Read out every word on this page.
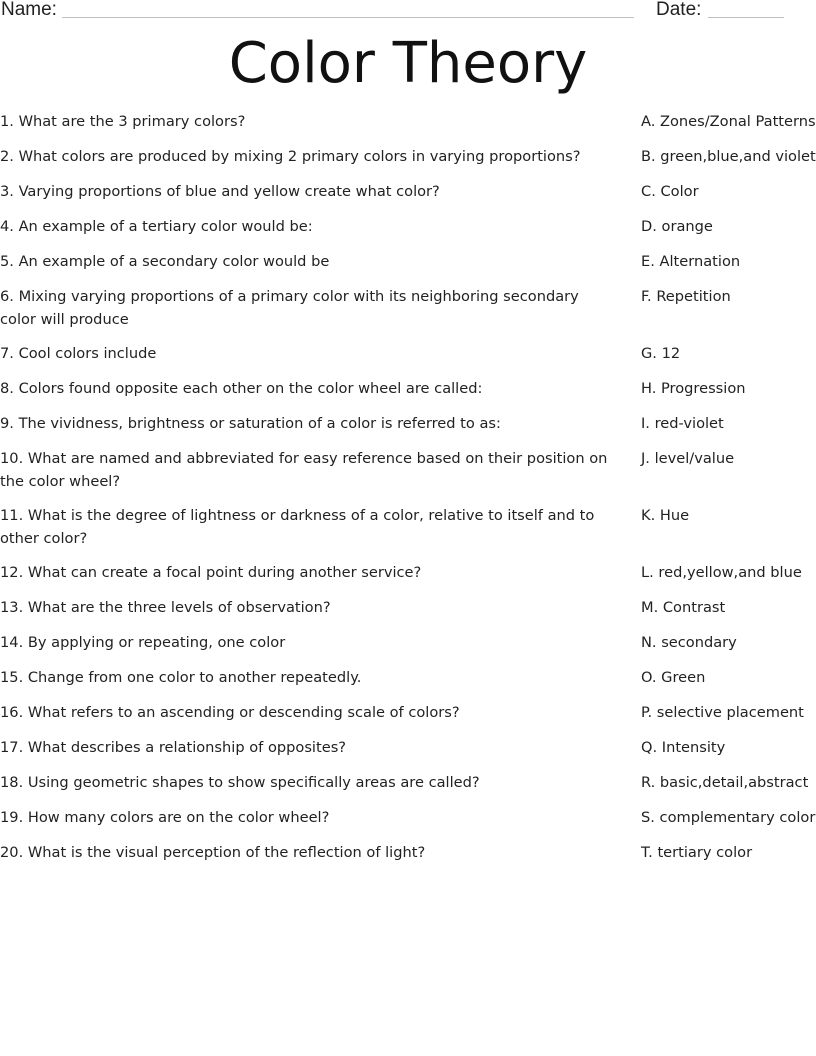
Name:	Date:
Color Theory
1. What are the 3 primary colors?
2. What colors are produced by mixing 2 primary colors in varying proportions?
3. Varying proportions of blue and yellow create what color?
4. An example of a tertiary color would be:
5. An example of a secondary color would be
6. Mixing varying proportions of a primary color with its neighboring secondary color will produce
7. Cool colors include
8. Colors found opposite each other on the color wheel are called:
9. The vividness, brightness or saturation of a color is referred to as:
10. What are named and abbreviated for easy reference based on their position on the color wheel?
11. What is the degree of lightness or darkness of a color, relative to itself and to other color?
12. What can create a focal point during another service?
13. What are the three levels of observation?
14. By applying or repeating, one color
15. Change from one color to another repeatedly.
16. What refers to an ascending or descending scale of colors?
17. What describes a relationship of opposites?
18. Using geometric shapes to show specifically areas are called?
19. How many colors are on the color wheel?
20. What is the visual perception of the reflection of light?
A. Zones/Zonal Patterns
B. green,blue,and violet
C. Color
D. orange
E. Alternation
F. Repetition
G. 12
H. Progression
I. red-violet
J. level/value
K. Hue
L. red,yellow,and blue
M. Contrast
N. secondary
O. Green
P. selective placement
Q. Intensity
R. basic,detail,abstract
S. complementary color
T. tertiary color
